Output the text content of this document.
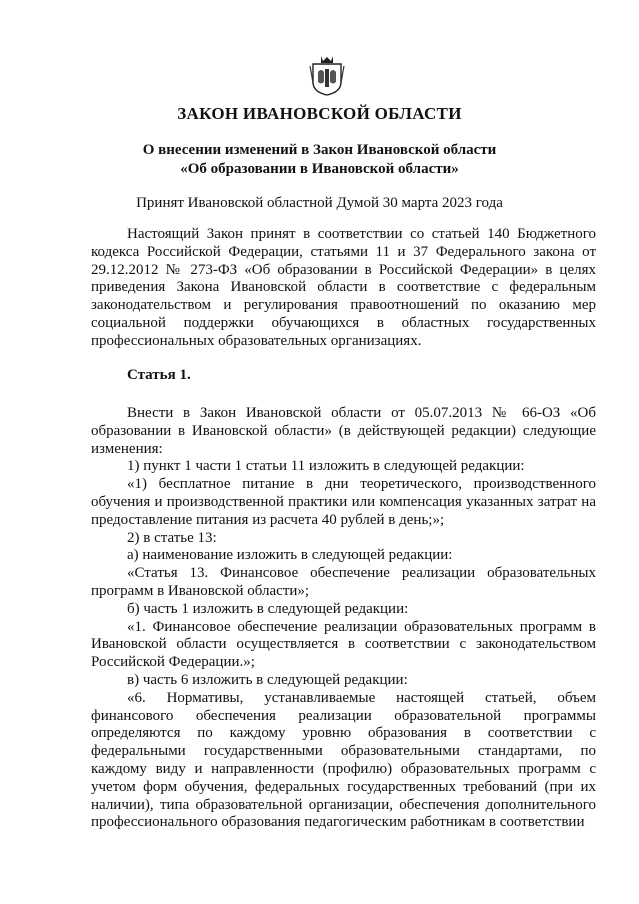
ЗАКОН ИВАНОВСКОЙ ОБЛАСТИ
О внесении изменений в Закон Ивановской области
«Об образовании в Ивановской области»
Принят Ивановской областной Думой 30 марта 2023 года

Настоящий Закон принят в соответствии со статьей 140 Бюджетного кодекса Российской Федерации, статьями 11 и 37 Федерального закона от 29.12.2012 № 273-ФЗ «Об образовании в Российской Федерации» в целях приведения Закона Ивановской области в соответствие с федеральным законодательством и регулирования правоотношений по оказанию мер социальной поддержки обучающихся в областных государственных профессиональных образовательных организациях.

Статья 1.

Внести в Закон Ивановской области от 05.07.2013 № 66-ОЗ «Об образовании в Ивановской области» (в действующей редакции) следующие изменения:

1) пункт 1 части 1 статьи 11 изложить в следующей редакции:

«1) бесплатное питание в дни теоретического, производственного обучения и производственной практики или компенсация указанных затрат на предоставление питания из расчета 40 рублей в день;»;

2) в статье 13:

а) наименование изложить в следующей редакции:

«Статья 13. Финансовое обеспечение реализации образовательных программ в Ивановской области»;

б) часть 1 изложить в следующей редакции:

«1. Финансовое обеспечение реализации образовательных программ в Ивановской области осуществляется в соответствии с законодательством Российской Федерации.»;

в) часть 6 изложить в следующей редакции:

«6. Нормативы, устанавливаемые настоящей статьей, объем финансового обеспечения реализации образовательной программы определяются по каждому уровню образования в соответствии с федеральными государственными образовательными стандартами, по каждому виду и направленности (профилю) образовательных программ с учетом форм обучения, федеральных государственных требований (при их наличии), типа образовательной организации, обеспечения дополнительного профессионального образования педагогическим работникам в соответствии
